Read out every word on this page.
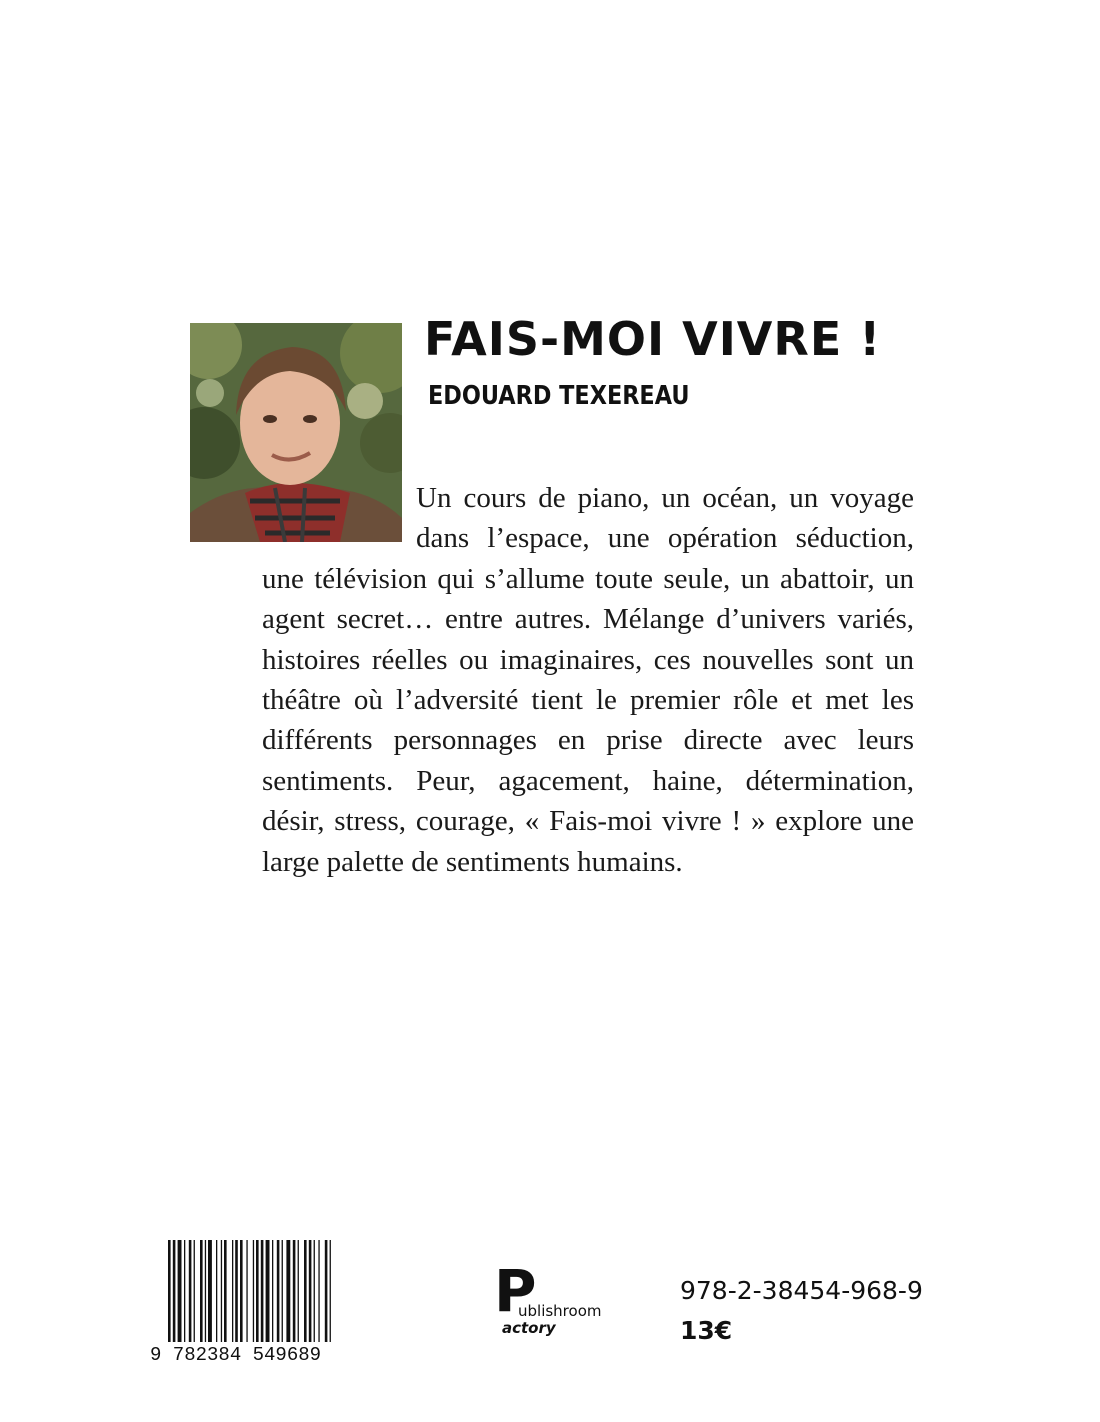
FAIS-MOI VIVRE !
EDOUARD TEXEREAU
Un cours de piano, un océan, un voyage dans l’espace, une opération séduction, une télévision qui s’allume toute seule, un abattoir, un agent secret… entre autres. Mélange d’univers variés, histoires réelles ou imaginaires, ces nouvelles sont un théâtre où l’adversité tient le premier rôle et met les différents personnages en prise directe avec leurs sentiments. Peur, agacement, haine, détermination, désir, stress, courage, « Fais-moi vivre ! » explore une large palette de sentiments humains.
9 782384 549689
P
ublishroom
actory
978-2-38454-968-9
13€
